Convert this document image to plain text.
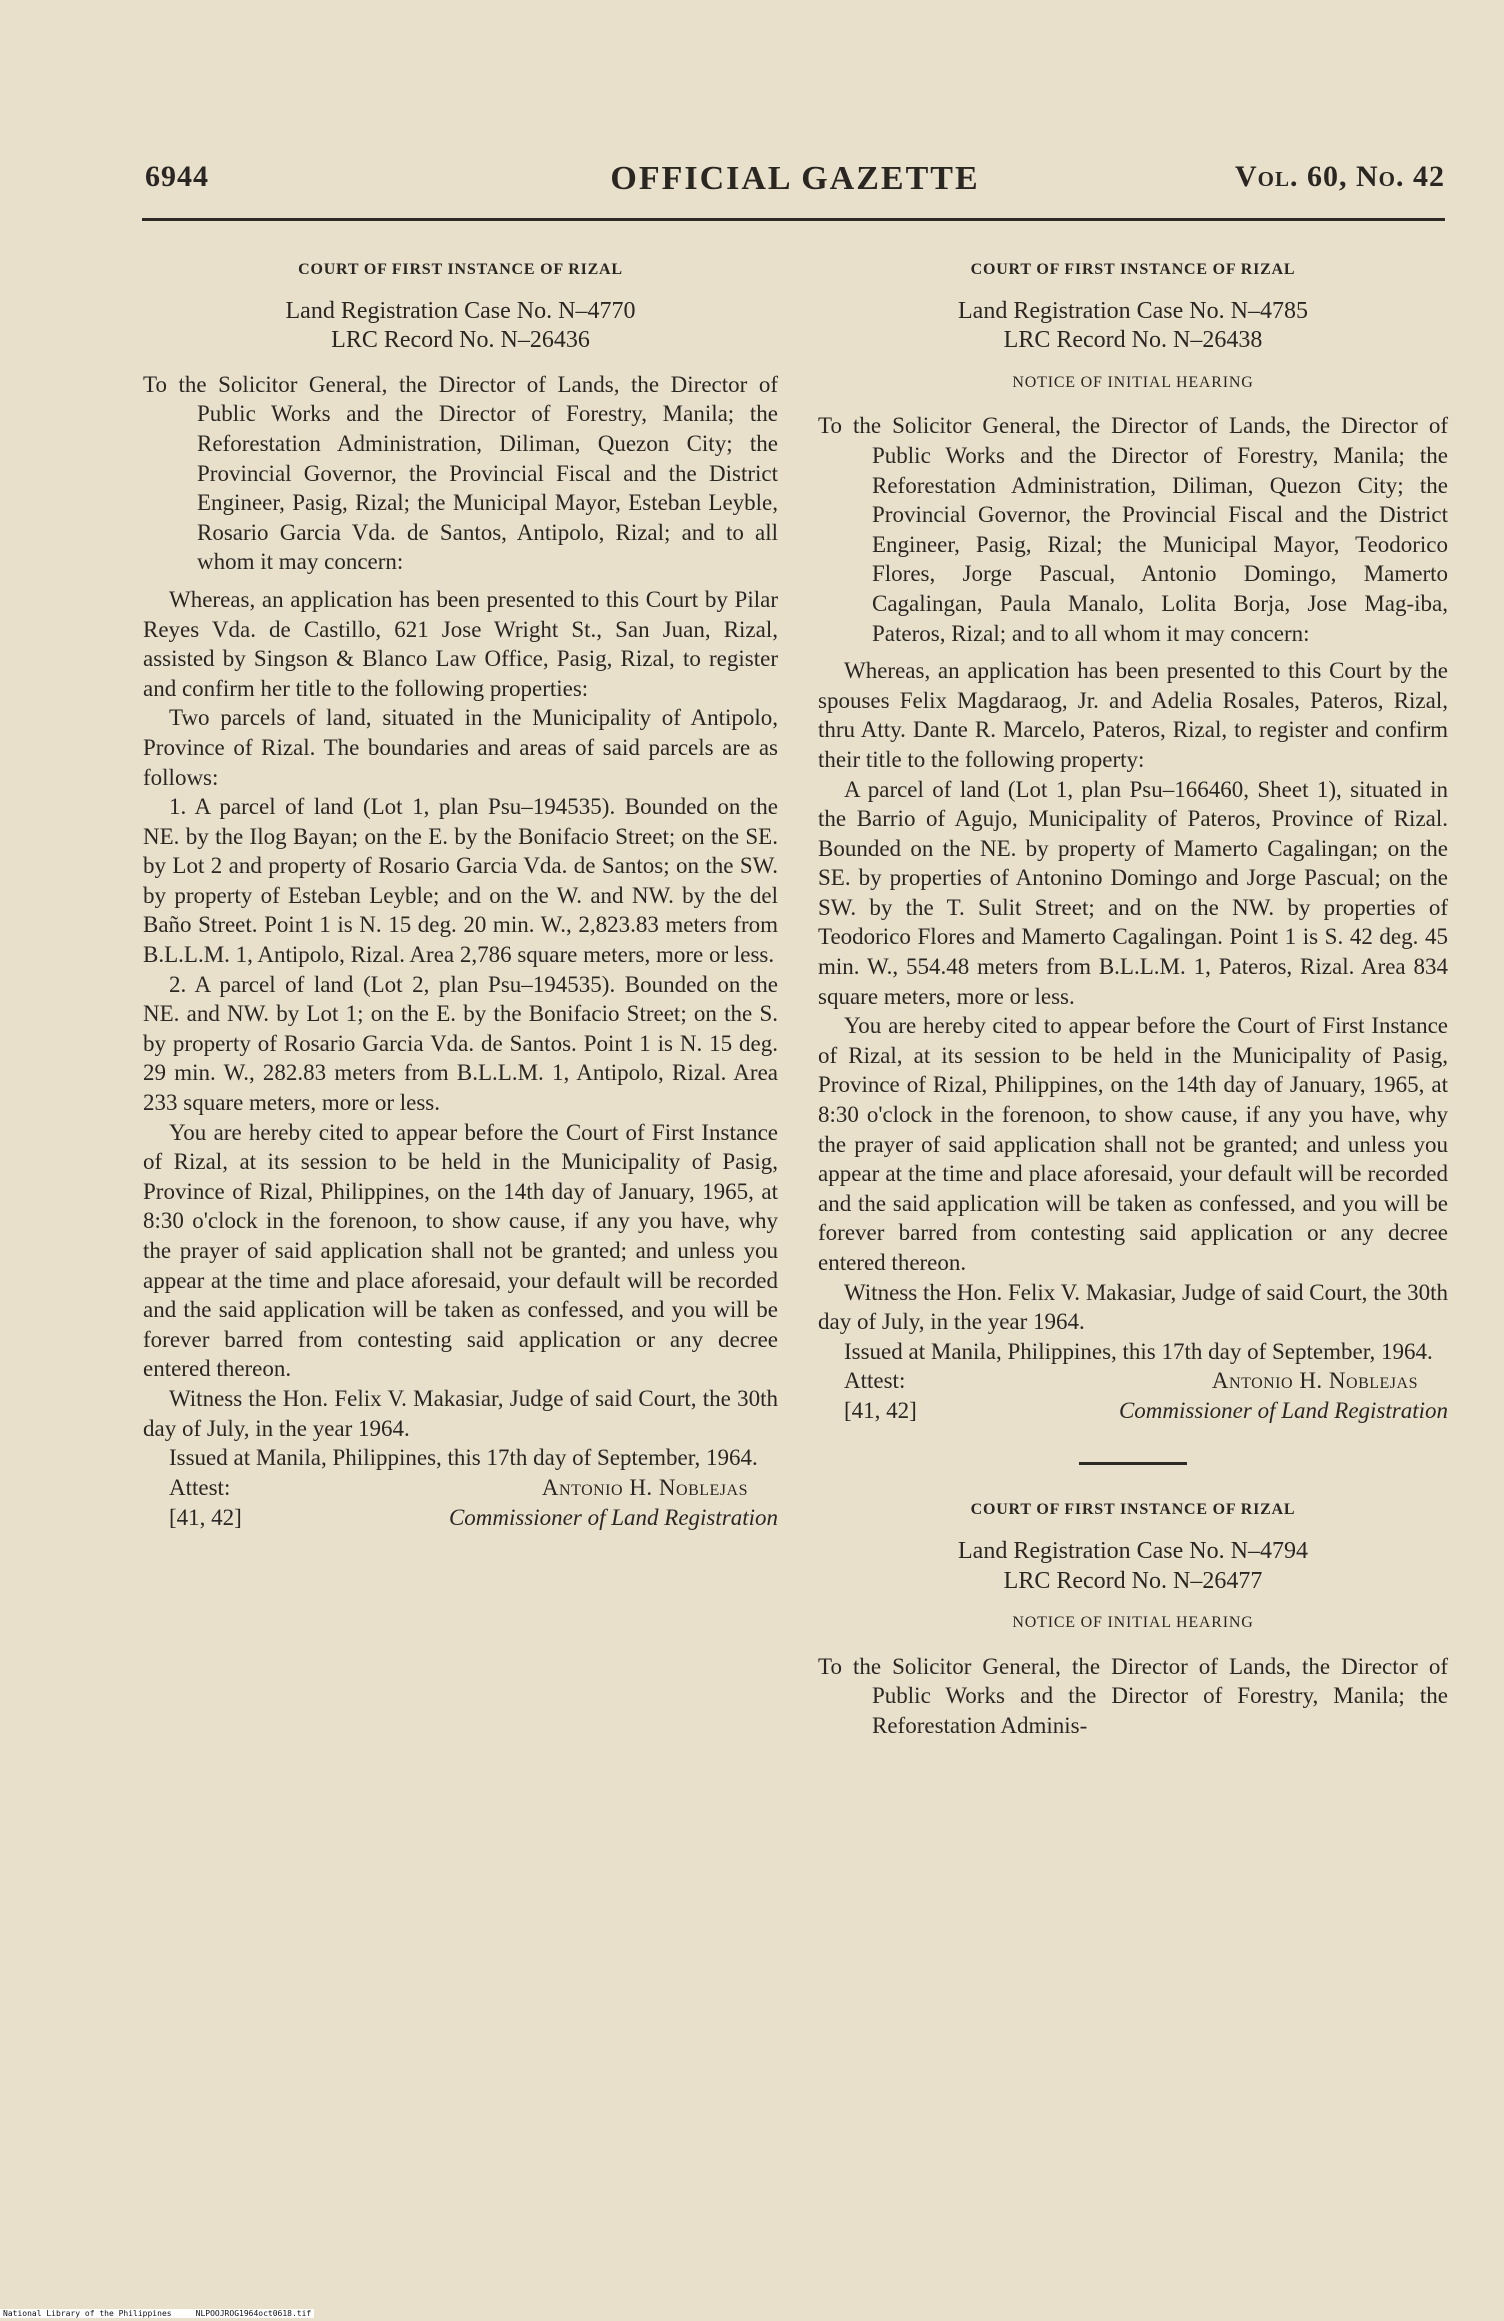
6944	OFFICIAL GAZETTE	Vol. 60, No. 42

COURT OF FIRST INSTANCE OF RIZAL

Land Registration Case No. N–4770

LRC Record No. N–26436

To the Solicitor General, the Director of Lands, the Director of Public Works and the Director of Forestry, Manila; the Reforestation Administration, Diliman, Quezon City; the Provincial Governor, the Provincial Fiscal and the District Engineer, Pasig, Rizal; the Municipal Mayor, Esteban Leyble, Rosario Garcia Vda. de Santos, Antipolo, Rizal; and to all whom it may concern:

Whereas, an application has been presented to this Court by Pilar Reyes Vda. de Castillo, 621 Jose Wright St., San Juan, Rizal, assisted by Singson & Blanco Law Office, Pasig, Rizal, to register and confirm her title to the following properties:

Two parcels of land, situated in the Municipality of Antipolo, Province of Rizal. The boundaries and areas of said parcels are as follows:

1. A parcel of land (Lot 1, plan Psu–194535). Bounded on the NE. by the Ilog Bayan; on the E. by the Bonifacio Street; on the SE. by Lot 2 and property of Rosario Garcia Vda. de Santos; on the SW. by property of Esteban Leyble; and on the W. and NW. by the del Baño Street. Point 1 is N. 15 deg. 20 min. W., 2,823.83 meters from B.L.L.M. 1, Antipolo, Rizal. Area 2,786 square meters, more or less.

2. A parcel of land (Lot 2, plan Psu–194535). Bounded on the NE. and NW. by Lot 1; on the E. by the Bonifacio Street; on the S. by property of Rosario Garcia Vda. de Santos. Point 1 is N. 15 deg. 29 min. W., 282.83 meters from B.L.L.M. 1, Antipolo, Rizal. Area 233 square meters, more or less.

You are hereby cited to appear before the Court of First Instance of Rizal, at its session to be held in the Municipality of Pasig, Province of Rizal, Philippines, on the 14th day of January, 1965, at 8:30 o'clock in the forenoon, to show cause, if any you have, why the prayer of said application shall not be granted; and unless you appear at the time and place aforesaid, your default will be recorded and the said application will be taken as confessed, and you will be forever barred from contesting said application or any decree entered thereon.

Witness the Hon. Felix V. Makasiar, Judge of said Court, the 30th day of July, in the year 1964.

Issued at Manila, Philippines, this 17th day of September, 1964.

Attest:	Antonio H. Noblejas
[41, 42]	Commissioner of Land Registration

COURT OF FIRST INSTANCE OF RIZAL

Land Registration Case No. N–4785

LRC Record No. N–26438

NOTICE OF INITIAL HEARING

To the Solicitor General, the Director of Lands, the Director of Public Works and the Director of Forestry, Manila; the Reforestation Administration, Diliman, Quezon City; the Provincial Governor, the Provincial Fiscal and the District Engineer, Pasig, Rizal; the Municipal Mayor, Teodorico Flores, Jorge Pascual, Antonio Domingo, Mamerto Cagalingan, Paula Manalo, Lolita Borja, Jose Mag-iba, Pateros, Rizal; and to all whom it may concern:

Whereas, an application has been presented to this Court by the spouses Felix Magdaraog, Jr. and Adelia Rosales, Pateros, Rizal, thru Atty. Dante R. Marcelo, Pateros, Rizal, to register and confirm their title to the following property:

A parcel of land (Lot 1, plan Psu–166460, Sheet 1), situated in the Barrio of Agujo, Municipality of Pateros, Province of Rizal. Bounded on the NE. by property of Mamerto Cagalingan; on the SE. by properties of Antonino Domingo and Jorge Pascual; on the SW. by the T. Sulit Street; and on the NW. by properties of Teodorico Flores and Mamerto Cagalingan. Point 1 is S. 42 deg. 45 min. W., 554.48 meters from B.L.L.M. 1, Pateros, Rizal. Area 834 square meters, more or less.

You are hereby cited to appear before the Court of First Instance of Rizal, at its session to be held in the Municipality of Pasig, Province of Rizal, Philippines, on the 14th day of January, 1965, at 8:30 o'clock in the forenoon, to show cause, if any you have, why the prayer of said application shall not be granted; and unless you appear at the time and place aforesaid, your default will be recorded and the said application will be taken as confessed, and you will be forever barred from contesting said application or any decree entered thereon.

Witness the Hon. Felix V. Makasiar, Judge of said Court, the 30th day of July, in the year 1964.

Issued at Manila, Philippines, this 17th day of September, 1964.

Attest:	Antonio H. Noblejas
[41, 42]	Commissioner of Land Registration

COURT OF FIRST INSTANCE OF RIZAL

Land Registration Case No. N–4794

LRC Record No. N–26477

NOTICE OF INITIAL HEARING

To the Solicitor General, the Director of Lands, the Director of Public Works and the Director of Forestry, Manila; the Reforestation Adminis-

National Library of the Philippines     NLPOOJROG1964oct0618.tif
